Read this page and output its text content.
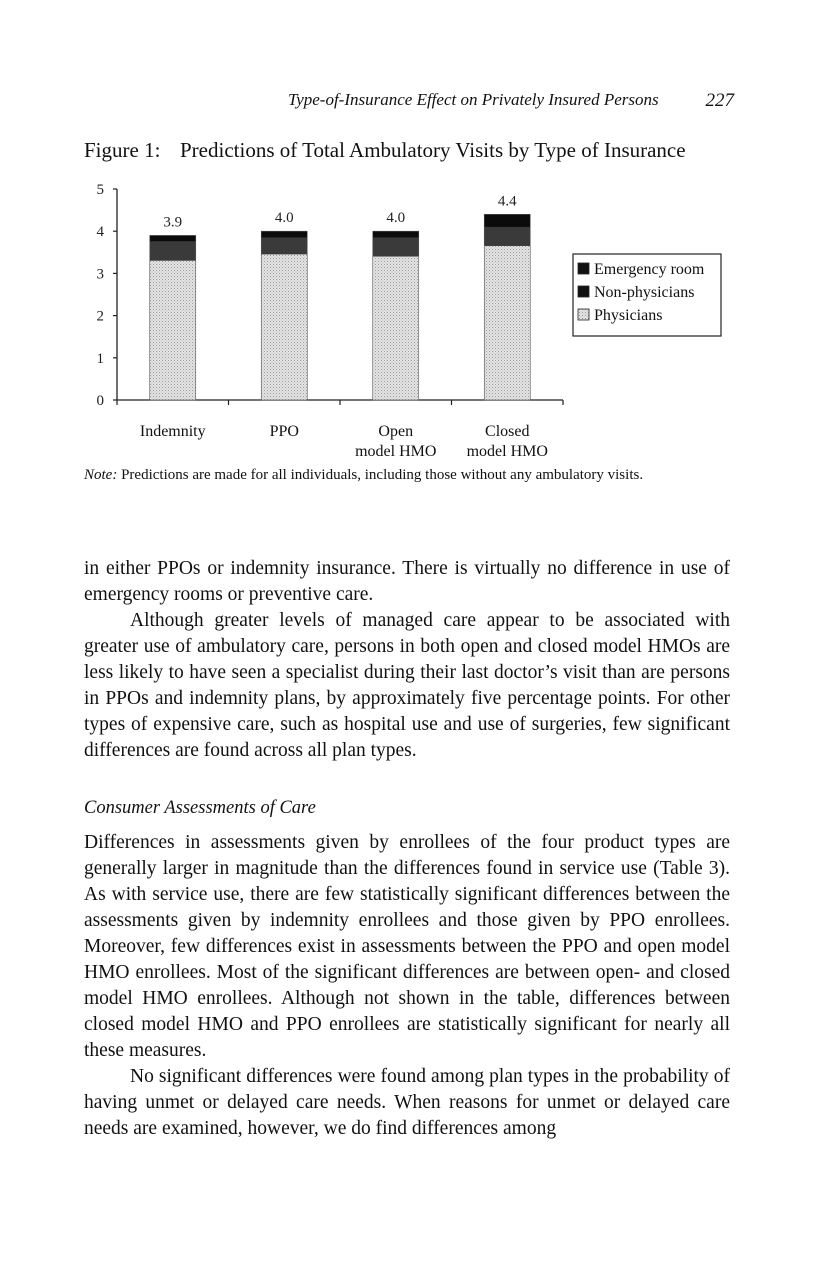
Type-of-Insurance Effect on Privately Insured Persons 227
Figure 1: Predictions of Total Ambulatory Visits by Type of Insurance
0
1
2
3
4
5
3.9
Indemnity
4.0
PPO
4.0
Open
model HMO
4.4
Closed
model HMO
Emergency room
Non-physicians
Physicians
Note: Predictions are made for all individuals, including those without any ambulatory visits.

in either PPOs or indemnity insurance. There is virtually no difference in use of emergency rooms or preventive care.

Although greater levels of managed care appear to be associated with greater use of ambulatory care, persons in both open and closed model HMOs are less likely to have seen a specialist during their last doctor’s visit than are persons in PPOs and indemnity plans, by approximately five percentage points. For other types of expensive care, such as hospital use and use of surgeries, few significant differences are found across all plan types.

Consumer Assessments of Care

Differences in assessments given by enrollees of the four product types are generally larger in magnitude than the differences found in service use (Table 3). As with service use, there are few statistically significant differences between the assessments given by indemnity enrollees and those given by PPO enrollees. Moreover, few differences exist in assessments between the PPO and open model HMO enrollees. Most of the significant differences are between open- and closed model HMO enrollees. Although not shown in the table, differences between closed model HMO and PPO enrollees are statistically significant for nearly all these measures.

No significant differences were found among plan types in the probability of having unmet or delayed care needs. When reasons for unmet or delayed care needs are examined, however, we do find differences among
